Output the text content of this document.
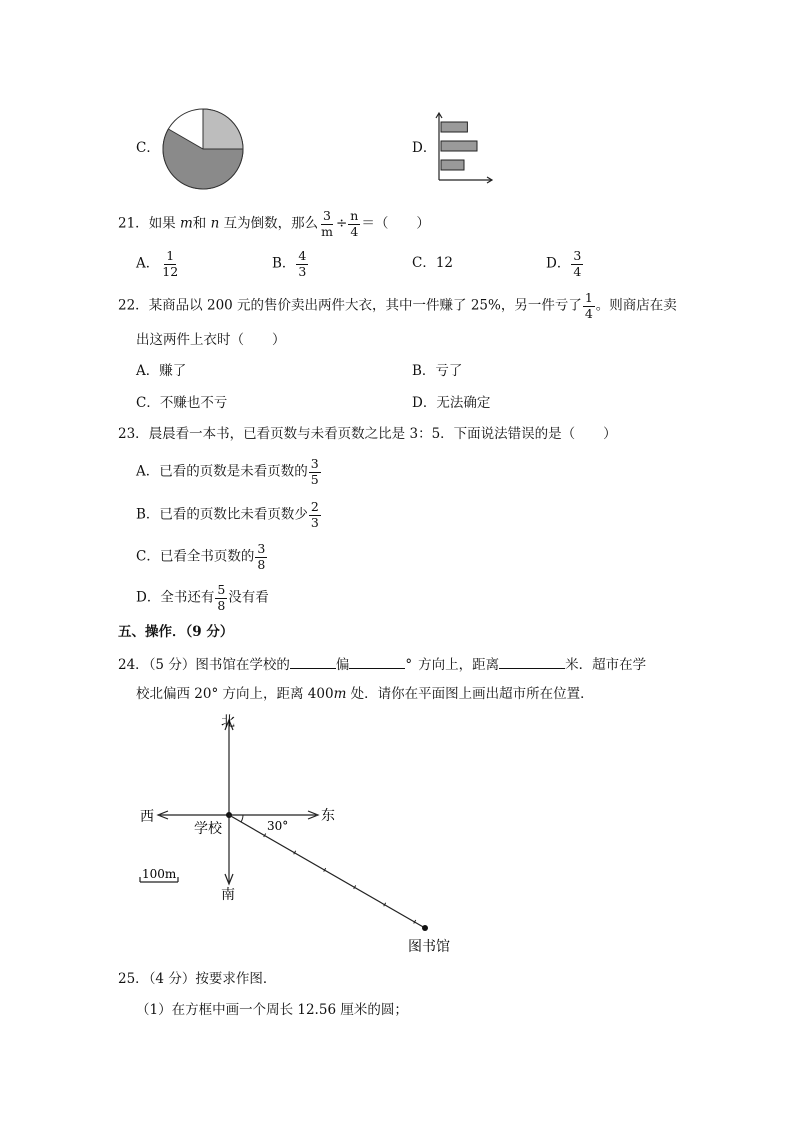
C．	D．
21．如果 m和 n 互为倒数，那么 $\frac{3}{m} \div \frac{n}{4}$ ＝（ ）
A． $\frac{1}{12}$	B． $\frac{4}{3}$	C．12	D． $\frac{3}{4}$
22．某商品以 200 元的售价卖出两件大衣，其中一件赚了 25%，另一件亏了 $\frac{1}{4}$ 。则商店在卖
出这两件上衣时（ ）
A．赚了	B．亏了
C．不赚也不亏	D．无法确定
23．晨晨看一本书，已看页数与未看页数之比是 3：5．下面说法错误的是（ ）
A．已看的页数是未看页数的 $\frac{3}{5}$
B．已看的页数比未看页数少 $\frac{2}{3}$
C．已看全书页数的 $\frac{3}{8}$
D．全书还有 $\frac{5}{8}$ 没有看
五、操作．（9 分）
24．（5 分）图书馆在学校的	偏	° 方向上，距离	米．超市在学
校北偏西 20° 方向上，距离 400m 处．请你在平面图上画出超市所在位置．
北
南
东
西
学校	30°
100m
图书馆
25．（4 分）按要求作图．
（1）在方框中画一个周长 12.56 厘米的圆；
